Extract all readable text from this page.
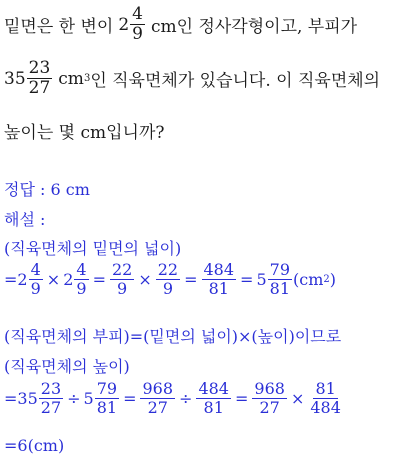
밑면은 한 변이 $2 \frac{4}{9}$ cm인 정사각형이고, 부피가
$35 \frac{23}{27}$ cm 3 인 직육면체가 있습니다. 이 직육면체의
높이는 몇 cm입니까?
정답 : 6 cm
해설 :
(직육면체의 밑면의 넓이)
= $2 \frac{4}{9} \times 2 \frac{4}{9} = \frac{22}{9} \times \frac{22}{9} = \frac{484}{81} = 5 \frac{79}{81} (cm$ 2 )
(직육면체의 부피)=(밑면의 넓이)×(높이)이므로
(직육면체의 높이)
= $35 \frac{23}{27} \div 5 \frac{79}{81} = \frac{968}{27} \div \frac{484}{81} = \frac{968}{27} \times \frac{81}{484}$
=6(cm)
